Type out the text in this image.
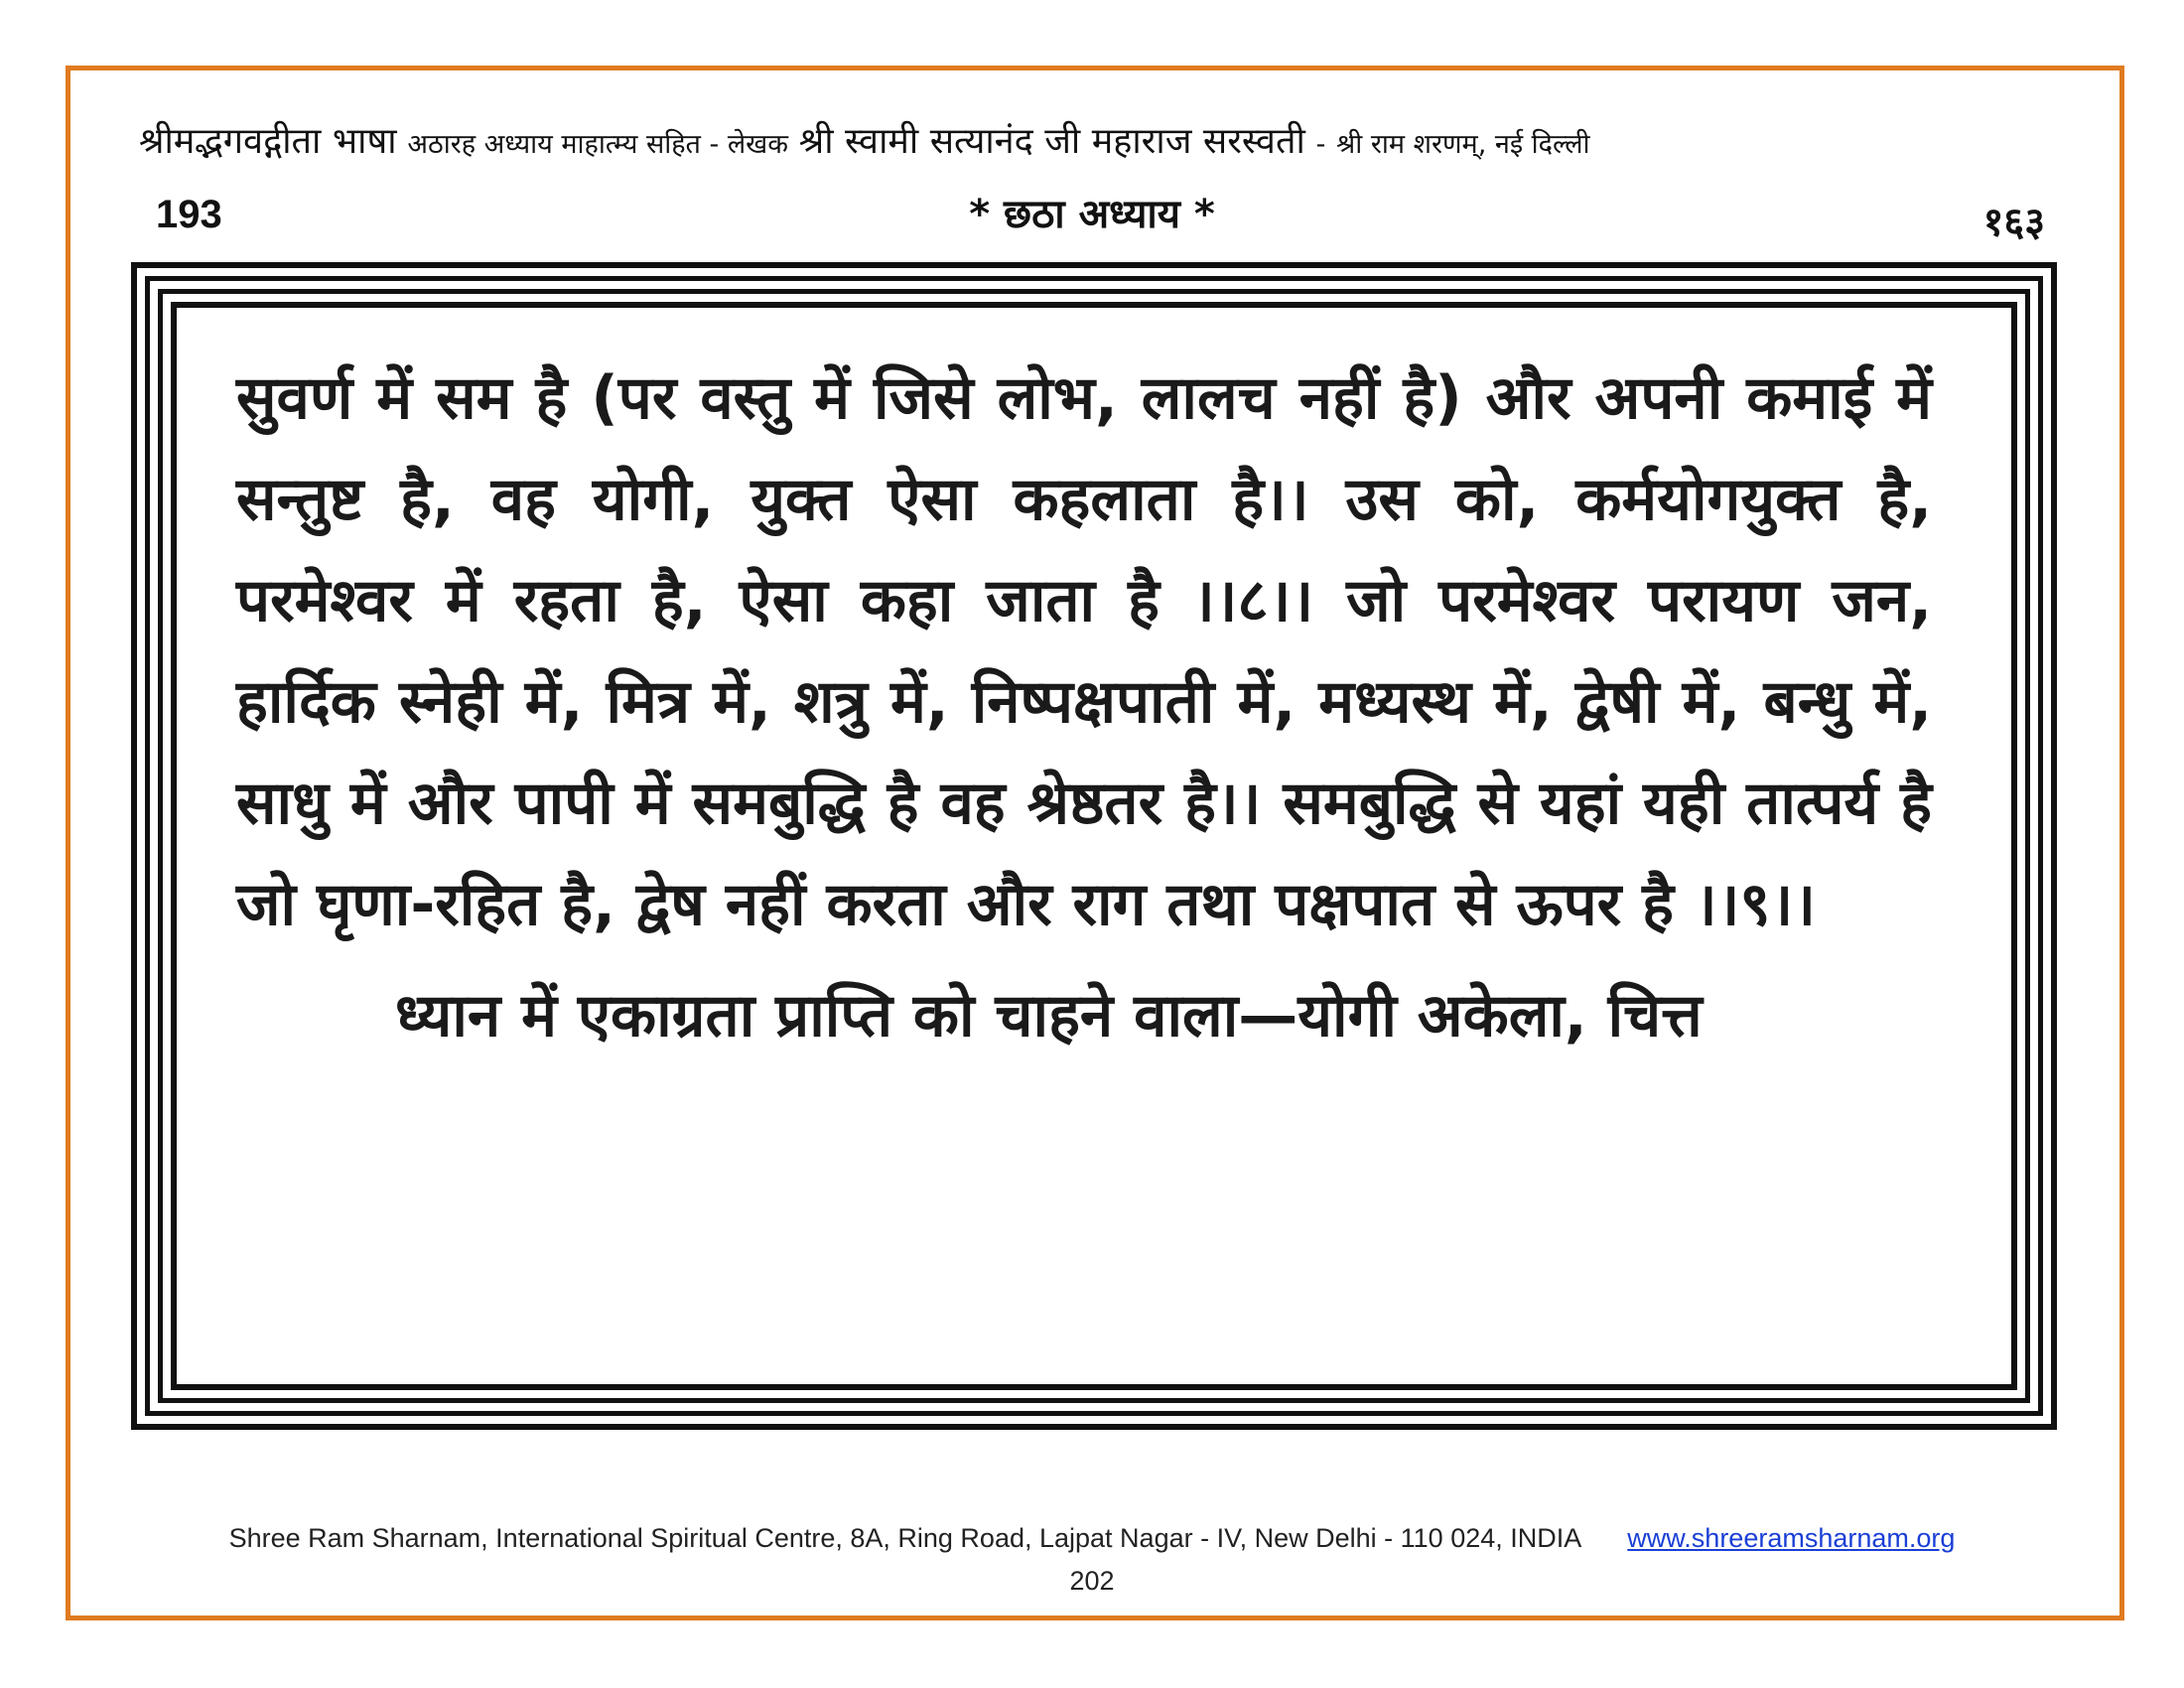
श्रीमद्भगवद्गीता भाषा अठारह अध्याय माहात्म्य सहित - लेखक श्री स्वामी सत्यानंद जी महाराज सरस्वती - श्री राम शरणम्, नई दिल्ली
193	* छठा अध्याय *	१६३

सुवर्ण में सम है (पर वस्तु में जिसे लोभ, लालच नहीं है) और अपनी कमाई में सन्तुष्ट है, वह योगी, युक्त ऐसा कहलाता है।। उस को, कर्मयोगयुक्त है, परमेश्वर में रहता है, ऐसा कहा जाता है ।।८।। जो परमेश्वर परायण जन, हार्दिक स्नेही में, मित्र में, शत्रु में, निष्पक्षपाती में, मध्यस्थ में, द्वेषी में, बन्धु में, साधु में और पापी में समबुद्धि है वह श्रेष्ठतर है।। समबुद्धि से यहां यही तात्पर्य है जो घृणा-रहित है, द्वेष नहीं करता और राग तथा पक्षपात से ऊपर है ।।९।।

ध्यान में एकाग्रता प्राप्ति को चाहने वाला—योगी अकेला, चित्त

Shree Ram Sharnam, International Spiritual Centre, 8A, Ring Road, Lajpat Nagar - IV, New Delhi - 110 024, INDIA www.shreeramsharnam.org
202
